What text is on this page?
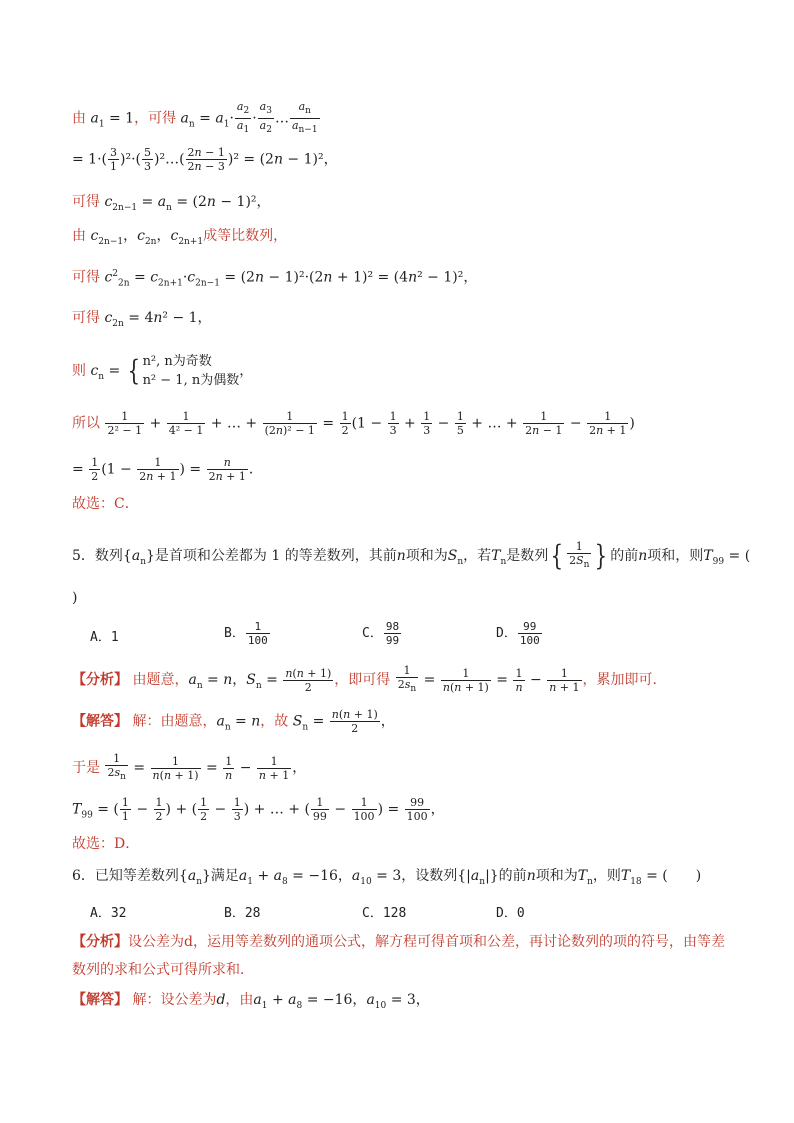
由 $a_1 = 1$，可得 $a_n = a_1\cdot \frac{a_2}{a_1} \cdot \frac{a_3}{a_2}$ … $\frac{a_n}{a_{n-1}}$
= $1\cdot( \frac{3}{1} )^2\cdot( \frac{5}{3}$ )²…( $\frac{2n - 1}{2n - 3} )^2 = (2n - 1)^2$，
可得 $c_{2n-1} = a_n = (2n - 1)^2$，
由 $c_{2n-1}$，$c_{2n}$，$c_{2n+1}$成等比数列，
可得 $c^2_{2n} = c_{2n+1}\cdot c_{2n-1} = (2n - 1)^2\cdot(2n + 1)^2 = (4n^2 - 1)^2$，
可得 $c_{2n} = 4n^2 - 1$，
则 $c_n$ = { n², n为奇数
n² − 1, n为偶数，
所以 $\frac{1}{\text{2² − 1}} + \frac{1}{\text{4² − 1}}$ + … + $\frac{1}{\text{(2n)² − 1}} = \frac{1}{2} (1 - \frac{1}{3} + \frac{1}{3} - \frac{1}{5}$ + … + $\frac{1}{2n - 1} - \frac{1}{2n + 1}$ )
= $\frac{1}{2} (1 - \frac{1}{2n + 1}$ ) = $\frac{n}{2n + 1}$ ．
故选：C．
5．数列$\{a_n\}$是首项和公差都为 1 的等差数列，其前n项和为$S_n$，若$T_n$是数列{ $\frac{1}{2S_n}$ } 的前n项和，则$T_{99}$ = (
)
A．1	B． $\frac{1}{100}$	C． $\frac{98}{99}$	D． $\frac{99}{100}$
【分析】 由题意，$a_n = n$，$S_n = \frac{n(n + 1)}{2}$ ，即可得 $\frac{1}{2s_n} = \frac{1}{n(n + 1)} = \frac{1}{n} - \frac{1}{n + 1}$ ，累加即可．
【解答】 解：由题意，$a_n = n$，故 $S_n = \frac{n(n + 1)}{2}$ ，
于是 $\frac{1}{2s_n} = \frac{1}{n(n + 1)} = \frac{1}{n} - \frac{1}{n + 1}$ ，
$T_{99}$ = ( $\frac{1}{1} - \frac{1}{2}$ ) + ( $\frac{1}{2} - \frac{1}{3}$ ) + … + ( $\frac{1}{99} - \frac{1}{100}$ ) = $\frac{99}{100}$ ，
故选：D．
6．已知等差数列$\{a_n\}$满足$a_1 + a_8 = -16$，$a_{10} = 3$，设数列$\{|a_n|\}$的前n项和为$T_n$，则$T_{18}$ = (　　)
A．32	B．28	C．128	D．0
【分析】设公差为d，运用等差数列的通项公式，解方程可得首项和公差，再讨论数列的项的符号，由等差
数列的求和公式可得所求和．
【解答】 解：设公差为d，由$a_1 + a_8 = -16$，$a_{10} = 3$，
